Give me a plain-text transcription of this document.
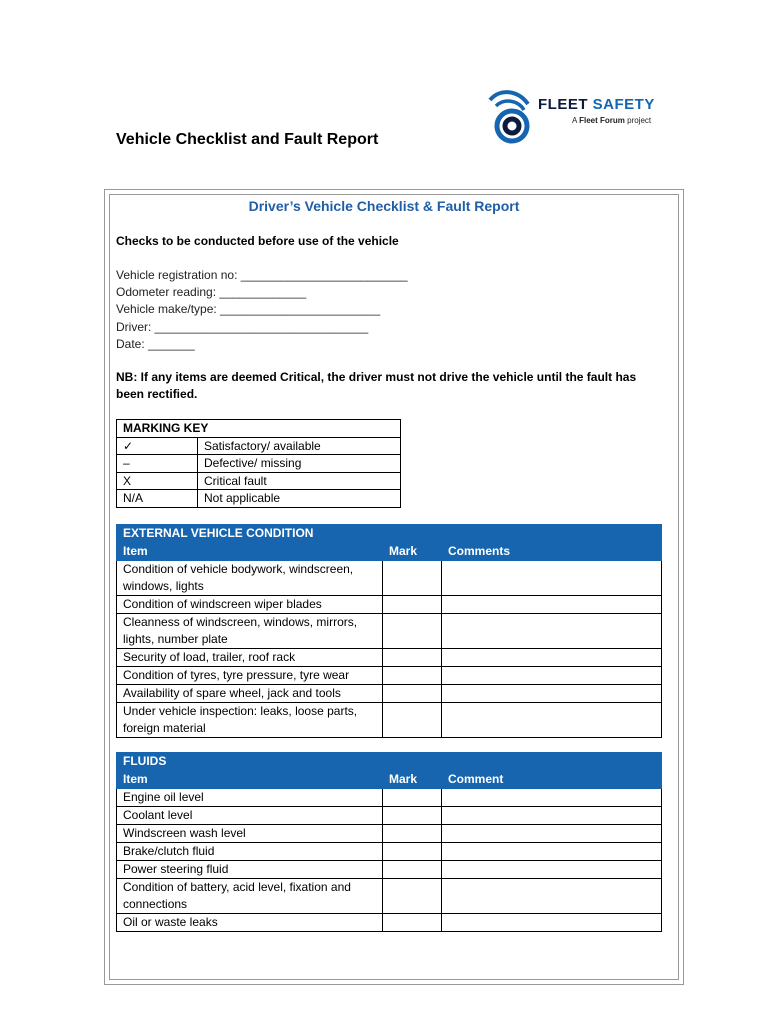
FLEET SAFETY
A Fleet Forum project
Vehicle Checklist and Fault Report
Driver’s Vehicle Checklist & Fault Report

Checks to be conducted before use of the vehicle

Vehicle registration no: _________________________
Odometer reading: _____________
Vehicle make/type: ________________________
Driver: ________________________________
Date: _______

NB: If any items are deemed Critical, the driver must not drive the vehicle until the fault has been rectified.

MARKING KEY	
✓	Satisfactory/ available
–	Defective/ missing
X	Critical fault
N/A	Not applicable
EXTERNAL VEHICLE CONDITION		
Item	Mark	Comments
Condition of vehicle bodywork, windscreen, windows, lights		
Condition of windscreen wiper blades		
Cleanness of windscreen, windows, mirrors, lights, number plate		
Security of load, trailer, roof rack		
Condition of tyres, tyre pressure, tyre wear		
Availability of spare wheel, jack and tools		
Under vehicle inspection: leaks, loose parts, foreign material		
FLUIDS		
Item	Mark	Comment
Engine oil level		
Coolant level		
Windscreen wash level		
Brake/clutch fluid		
Power steering fluid		
Condition of battery, acid level, fixation and connections		
Oil or waste leaks		
